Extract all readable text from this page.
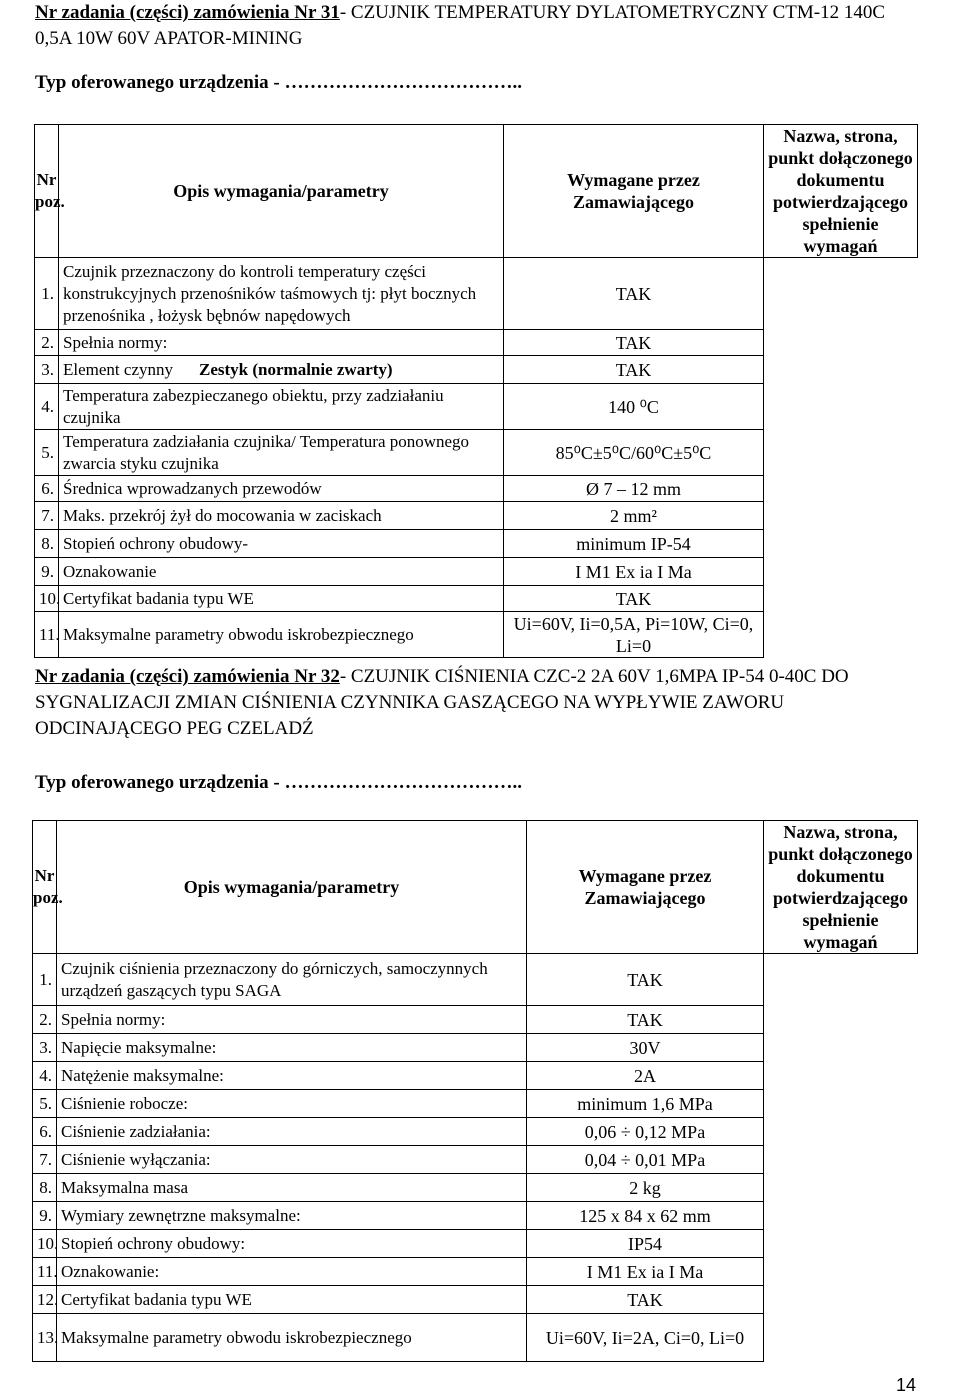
Nr zadania (części) zamówienia Nr 31- CZUJNIK TEMPERATURY DYLATOMETRYCZNY CTM-12 140C 0,5A 10W 60V APATOR-MINING
Typ oferowanego urządzenia - ………………………………..
Nr poz.	Opis wymagania/parametry	Wymagane przez Zamawiającego	Nazwa, strona, punkt dołączonego dokumentu potwierdzającego spełnienie wymagań
1.	Czujnik przeznaczony do kontroli temperatury części konstrukcyjnych przenośników taśmowych tj: płyt bocznych przenośnika , łożysk bębnów napędowych	TAK	
2.	Spełnia normy:	TAK	
3.	Element czynny Zestyk (normalnie zwarty)	TAK	
4.	Temperatura zabezpieczanego obiektu, przy zadziałaniu czujnika	140 ⁰C	
5.	Temperatura zadziałania czujnika/ Temperatura ponownego zwarcia styku czujnika	85⁰C±5⁰C/60⁰C±5⁰C	
6.	Średnica wprowadzanych przewodów	Ø 7 – 12 mm	
7.	Maks. przekrój żył do mocowania w zaciskach	2 mm²	
8.	Stopień ochrony obudowy-	minimum IP-54	
9.	Oznakowanie	I M1 Ex ia I Ma	
10.	Certyfikat badania typu WE	TAK	
11.	Maksymalne parametry obwodu iskrobezpiecznego	Ui=60V, Ii=0,5A, Pi=10W, Ci=0, Li=0	
Nr zadania (części) zamówienia Nr 32- CZUJNIK CIŚNIENIA CZC-2 2A 60V 1,6MPA IP-54 0-40C DO SYGNALIZACJI ZMIAN CIŚNIENIA CZYNNIKA GASZĄCEGO NA WYPŁYWIE ZAWORU ODCINAJĄCEGO PEG CZELADŹ
Typ oferowanego urządzenia - ………………………………..
Nr poz.	Opis wymagania/parametry	Wymagane przez Zamawiającego	Nazwa, strona, punkt dołączonego dokumentu potwierdzającego spełnienie wymagań
1.	Czujnik ciśnienia przeznaczony do górniczych, samoczynnych urządzeń gaszących typu SAGA	TAK	
2.	Spełnia normy:	TAK	
3.	Napięcie maksymalne:	30V	
4.	Natężenie maksymalne:	2A	
5.	Ciśnienie robocze:	minimum 1,6 MPa	
6.	Ciśnienie zadziałania:	0,06 ÷ 0,12 MPa	
7.	Ciśnienie wyłączania:	0,04 ÷ 0,01 MPa	
8.	Maksymalna masa	2 kg	
9.	Wymiary zewnętrzne maksymalne:	125 x 84 x 62 mm	
10.	Stopień ochrony obudowy:	IP54	
11.	Oznakowanie:	I M1 Ex ia I Ma	
12.	Certyfikat badania typu WE	TAK	
13.	Maksymalne parametry obwodu iskrobezpiecznego	Ui=60V, Ii=2A, Ci=0, Li=0	
14
